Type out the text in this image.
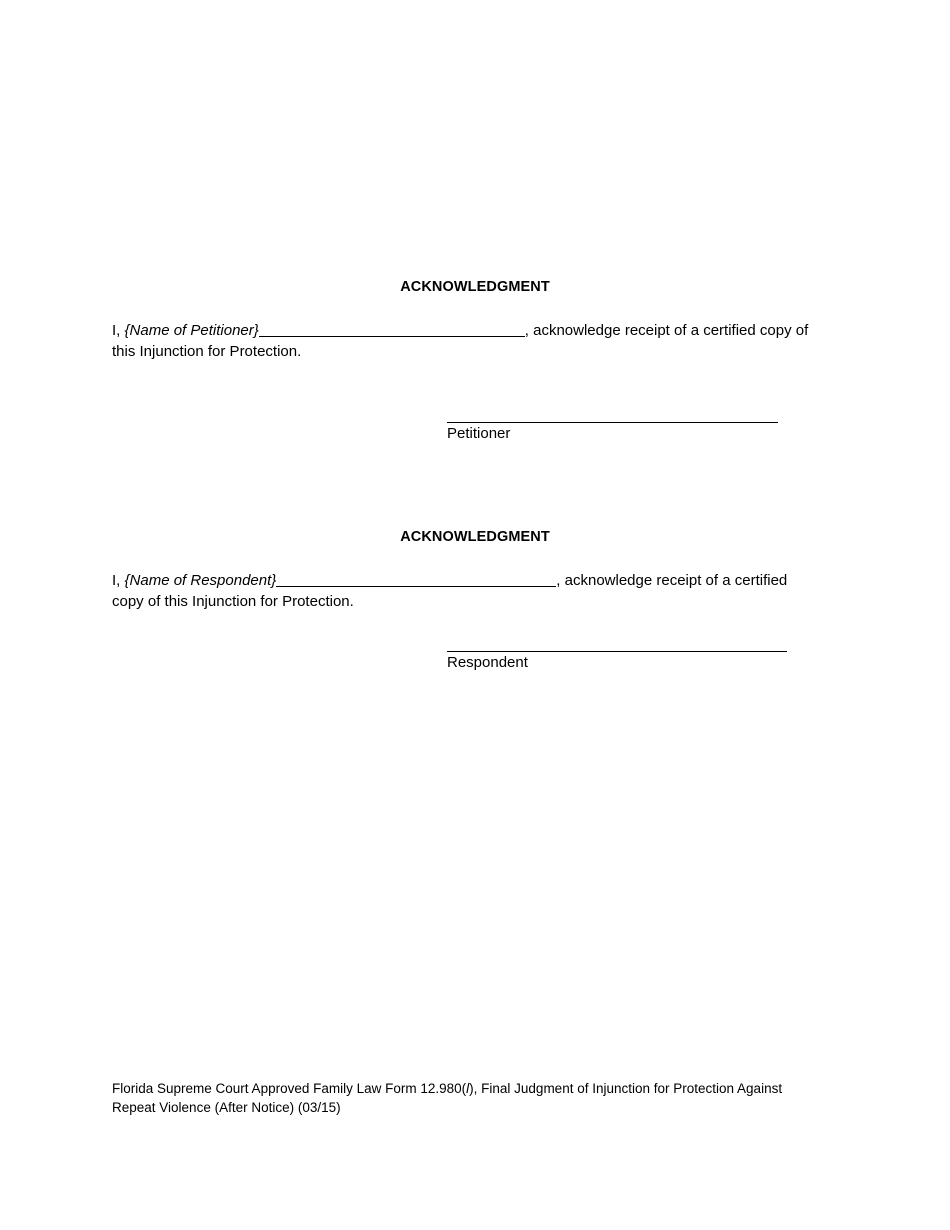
ACKNOWLEDGMENT
I, {Name of Petitioner}	, acknowledge receipt of a certified copy of
this Injunction for Protection.
Petitioner
ACKNOWLEDGMENT
I, {Name of Respondent}	, acknowledge receipt of a certified
copy of this Injunction for Protection.
Respondent
Florida Supreme Court Approved Family Law Form 12.980(l), Final Judgment of Injunction for Protection Against
Repeat Violence (After Notice) (03/15)
